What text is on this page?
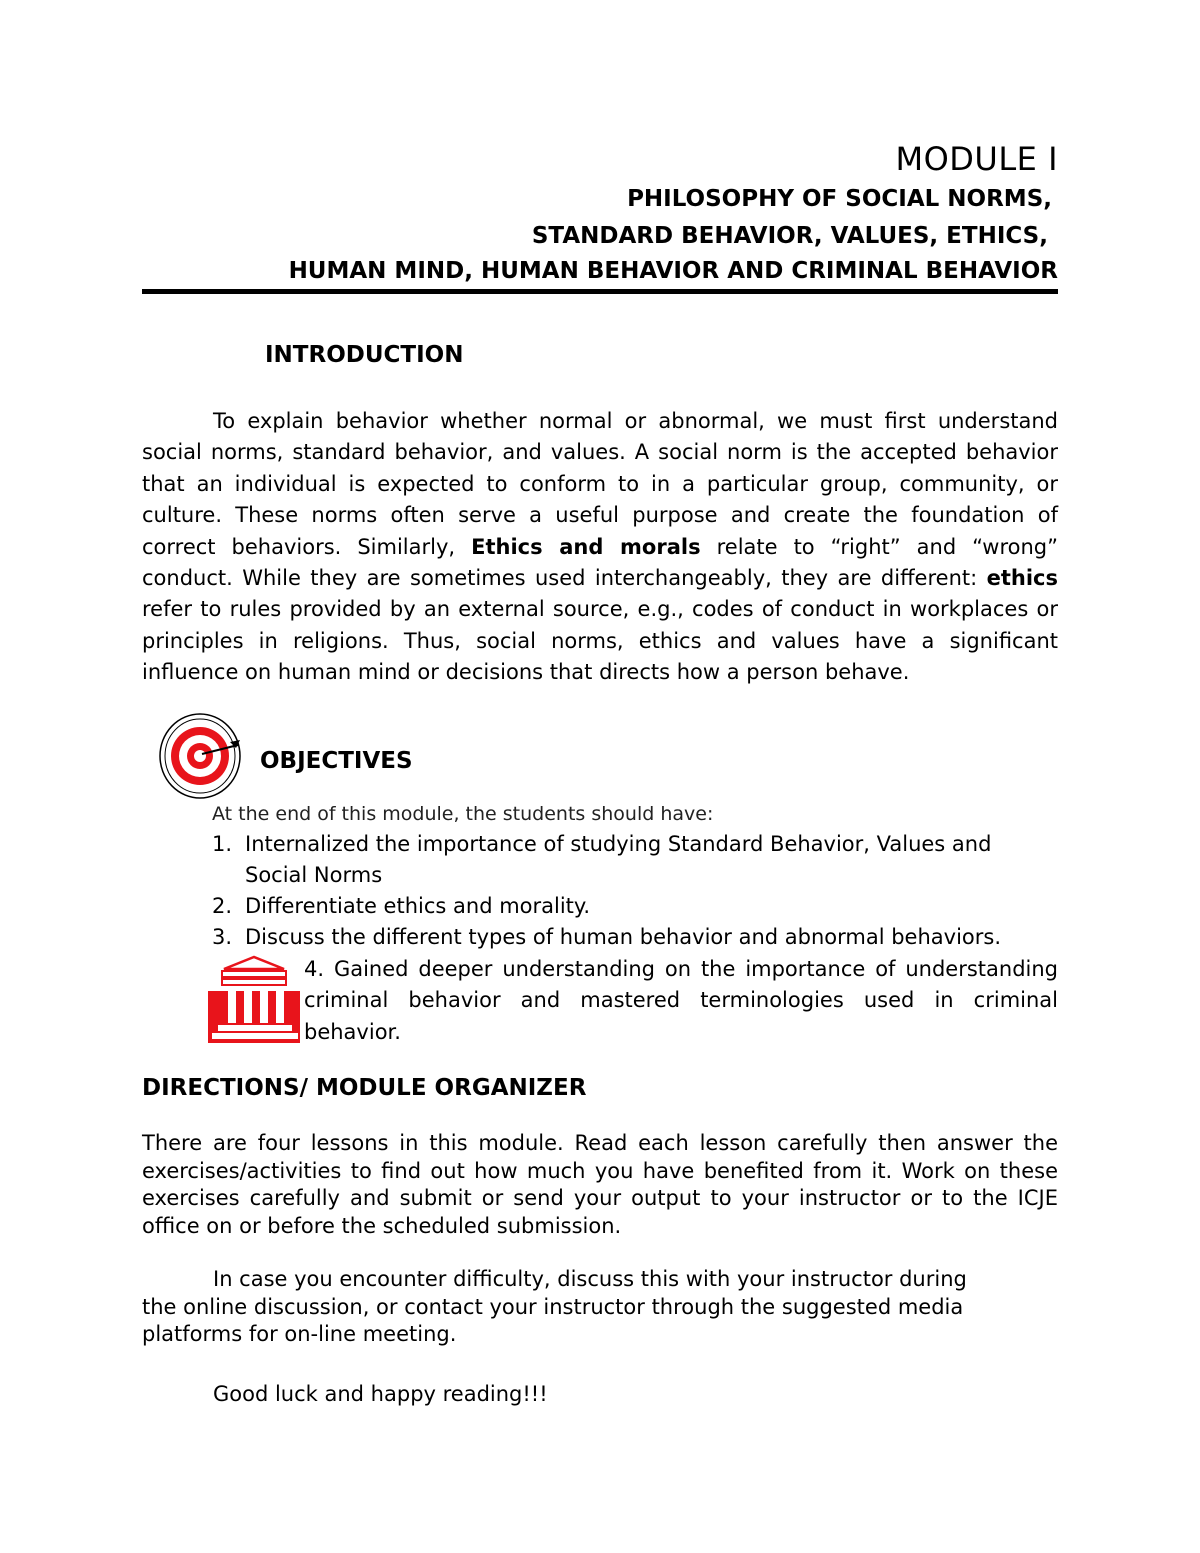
MODULE I
PHILOSOPHY OF SOCIAL NORMS,
STANDARD BEHAVIOR, VALUES, ETHICS,
HUMAN MIND, HUMAN BEHAVIOR AND CRIMINAL BEHAVIOR
INTRODUCTION
To explain behavior whether normal or abnormal, we must first understand social norms, standard behavior, and values. A social norm is the accepted behavior that an individual is expected to conform to in a particular group, community, or culture. These norms often serve a useful purpose and create the foundation of correct behaviors. Similarly, Ethics and morals relate to “right” and “wrong” conduct. While they are sometimes used interchangeably, they are different: ethics refer to rules provided by an external source, e.g., codes of conduct in workplaces or principles in religions. Thus, social norms, ethics and values have a significant influence on human mind or decisions that directs how a person behave.
OBJECTIVES
At the end of this module, the students should have:
1. Internalized the importance of studying Standard Behavior, Values and Social Norms
2. Differentiate ethics and morality.
3. Discuss the different types of human behavior and abnormal behaviors.
4. Gained deeper understanding on the importance of understanding criminal behavior and mastered terminologies used in criminal behavior.
DIRECTIONS/ MODULE ORGANIZER
There are four lessons in this module. Read each lesson carefully then answer the exercises/activities to find out how much you have benefited from it. Work on these exercises carefully and submit or send your output to your instructor or to the ICJE office on or before the scheduled submission.
In case you encounter difficulty, discuss this with your instructor during the online discussion, or contact your instructor through the suggested media platforms for on-line meeting.
Good luck and happy reading!!!
